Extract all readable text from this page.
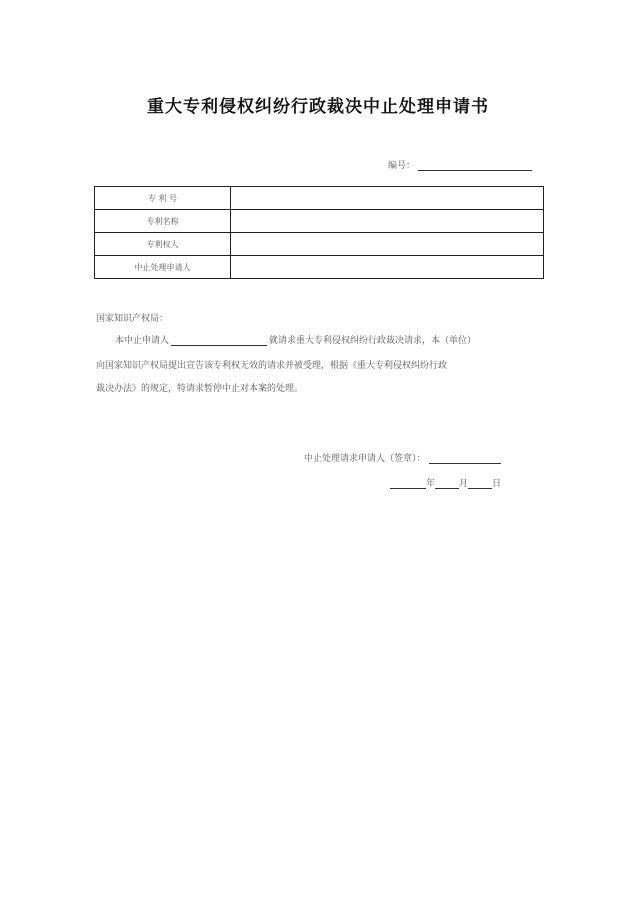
重大专利侵权纠纷行政裁决中止处理申请书
编号：
专 利 号	
专利名称	
专利权人	
中止处理申请人	
国家知识产权局：
本中止申请人	就请求重大专利侵权纠纷行政裁决请求，本（单位）
向国家知识产权局提出宣告该专利权无效的请求并被受理，根据《重大专利侵权纠纷行政
裁决办法》的规定，特请求暂停中止对本案的处理。
中止处理请求申请人（签章）：
年	月	日
